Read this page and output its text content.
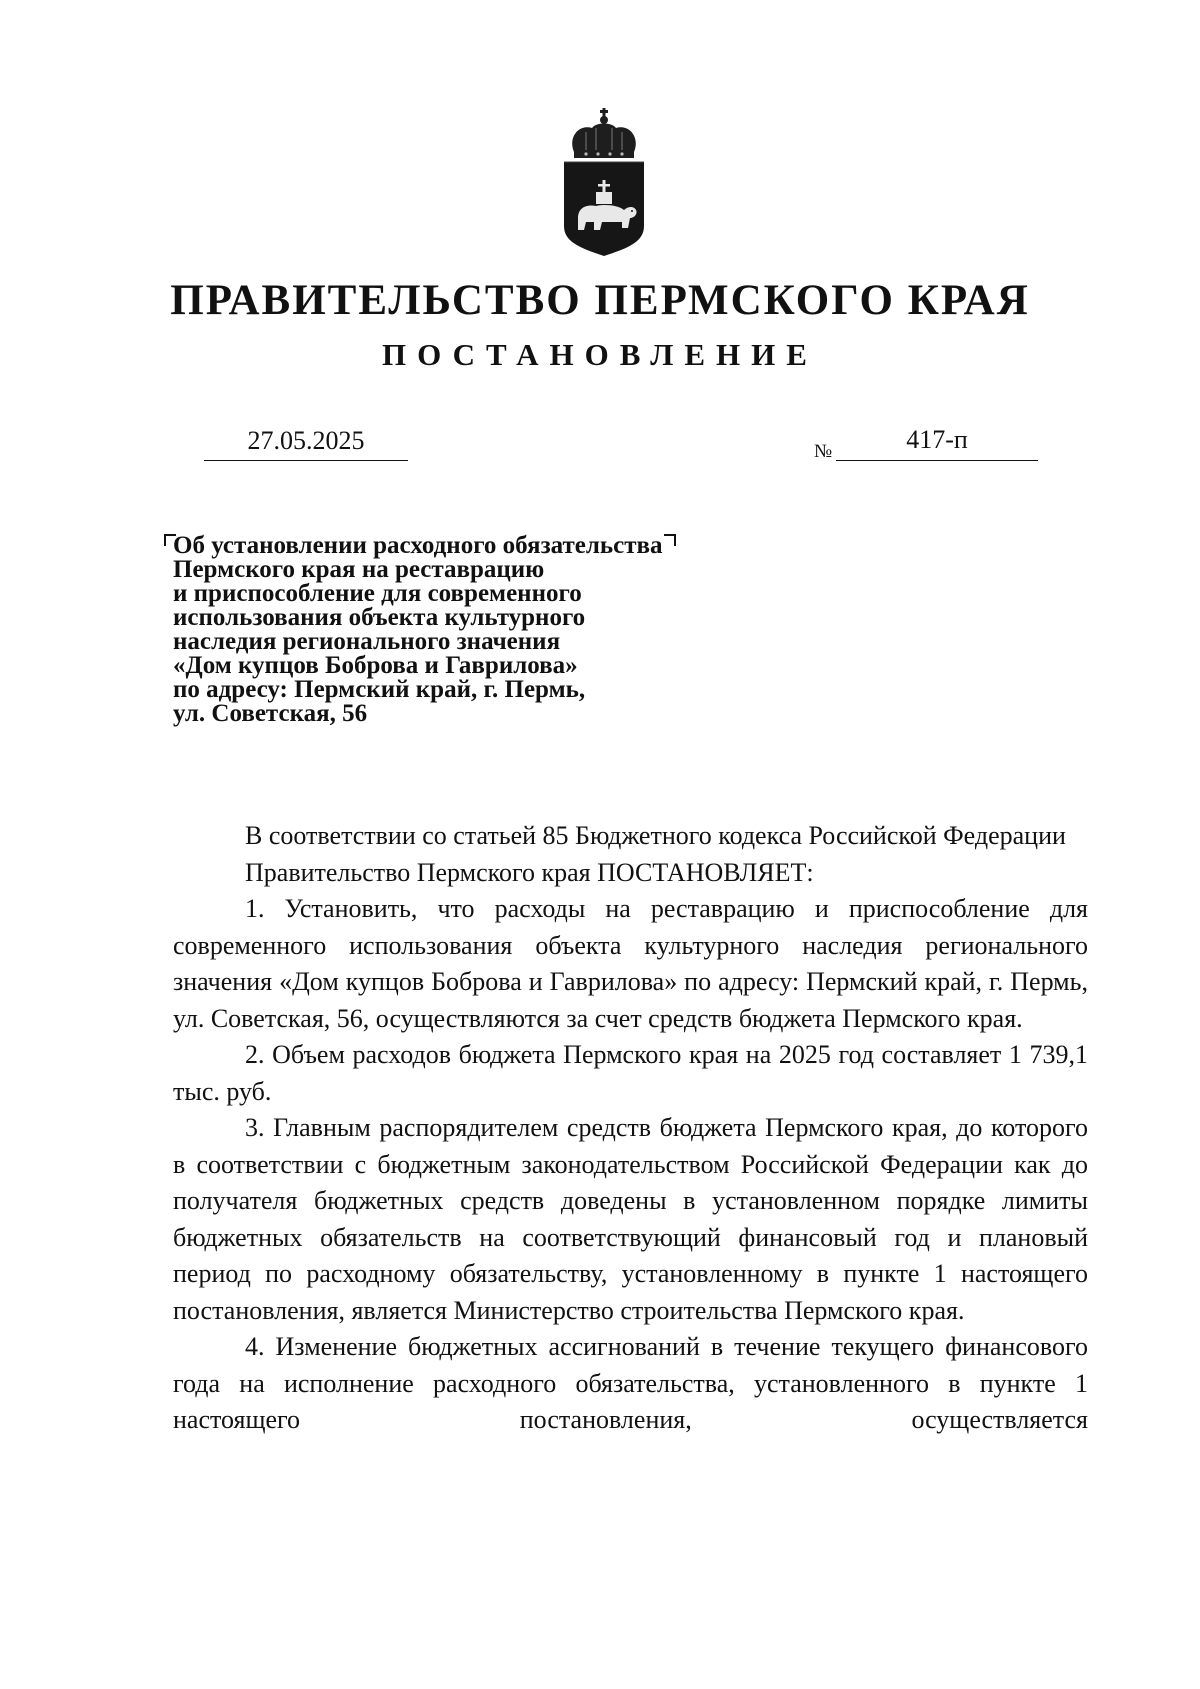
ПРАВИТЕЛЬСТВО ПЕРМСКОГО КРАЯ
ПОСТАНОВЛЕНИЕ
27.05.2025	№	417-п
Об установлении расходного обязательства
Пермского края на реставрацию
и приспособление для современного
использования объекта культурного
наследия регионального значения
«Дом купцов Боброва и Гаврилова»
по адресу: Пермский край, г. Пермь,
ул. Советская, 56

В соответствии со статьей 85 Бюджетного кодекса Российской Федерации

Правительство Пермского края ПОСТАНОВЛЯЕТ:

1. Установить, что расходы на реставрацию и приспособление для современного использования объекта культурного наследия регионального значения «Дом купцов Боброва и Гаврилова» по адресу: Пермский край, г. Пермь, ул. Советская, 56, осуществляются за счет средств бюджета Пермского края.

2. Объем расходов бюджета Пермского края на 2025 год составляет 1 739,1 тыс. руб.

3. Главным распорядителем средств бюджета Пермского края, до которого в соответствии с бюджетным законодательством Российской Федерации как до получателя бюджетных средств доведены в установленном порядке лимиты бюджетных обязательств на соответствующий финансовый год и плановый период по расходному обязательству, установленному в пункте 1 настоящего постановления, является Министерство строительства Пермского края.

4. Изменение бюджетных ассигнований в течение текущего финансового года на исполнение расходного обязательства, установленного в пункте 1 настоящего постановления, осуществляется
